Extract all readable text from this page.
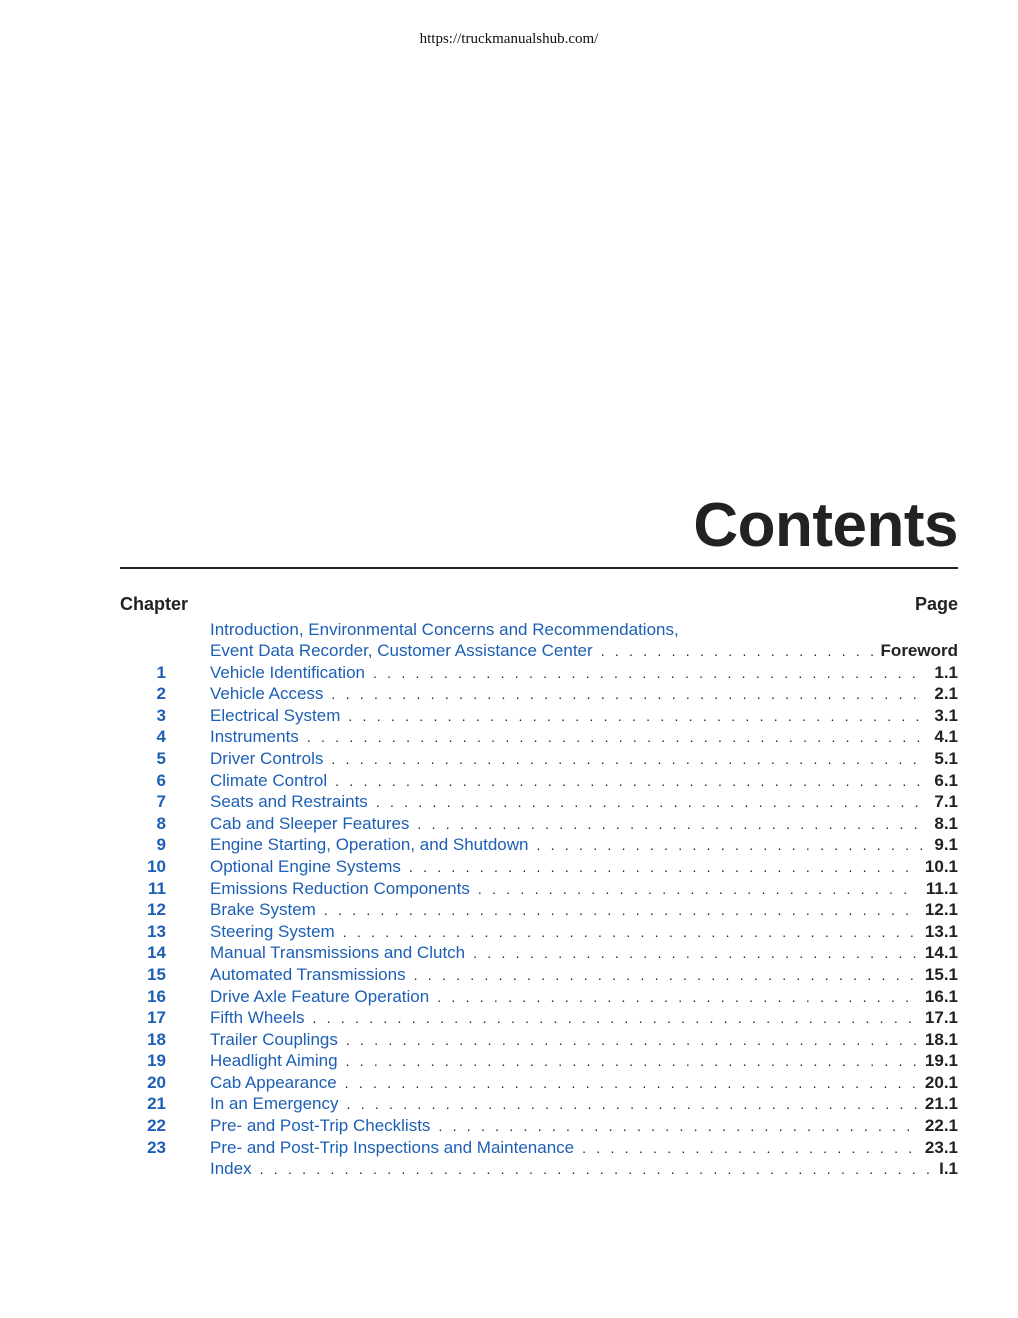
https://truckmanualshub.com/
Contents
Chapter	Page
Introduction, Environmental Concerns and Recommendations,
Event Data Recorder, Customer Assistance Center . . .	Foreword
1	Vehicle Identification . . .	1.1
2	Vehicle Access . . .	2.1
3	Electrical System . . .	3.1
4	Instruments . . .	4.1
5	Driver Controls . . .	5.1
6	Climate Control . . .	6.1
7	Seats and Restraints . . .	7.1
8	Cab and Sleeper Features . . .	8.1
9	Engine Starting, Operation, and Shutdown . . .	9.1
10	Optional Engine Systems . . .	10.1
11	Emissions Reduction Components . . .	11.1
12	Brake System . . .	12.1
13	Steering System . . .	13.1
14	Manual Transmissions and Clutch . . .	14.1
15	Automated Transmissions . . .	15.1
16	Drive Axle Feature Operation . . .	16.1
17	Fifth Wheels . . .	17.1
18	Trailer Couplings . . .	18.1
19	Headlight Aiming . . .	19.1
20	Cab Appearance . . .	20.1
21	In an Emergency . . .	21.1
22	Pre- and Post-Trip Checklists . . .	22.1
23	Pre- and Post-Trip Inspections and Maintenance . . .	23.1
Index . . .	I.1
